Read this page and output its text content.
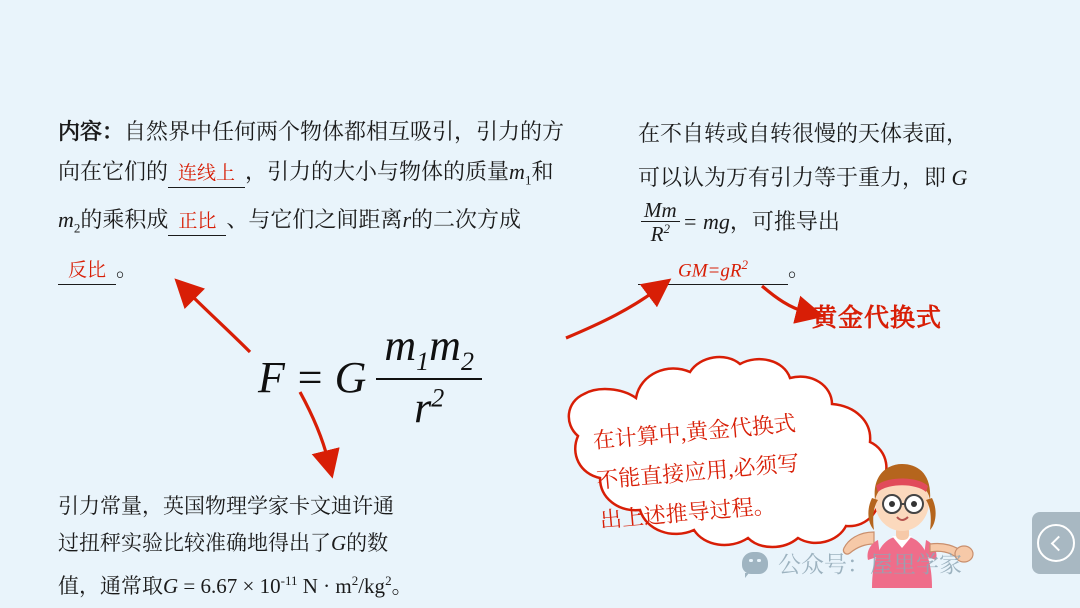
内容：自然界中任何两个物体都相互吸引，引力的方向在它们的 连线上 ，引力的大小与物体的质量$m_1$和$m_2$的乘积成 正比 、与它们之间距离r的二次方成反比 。
在不自转或自转很慢的天体表面，可以认为万有引力等于重力，即 G
$\frac{Mm}{R^2}$ = mg，可推导出 $GM=gR^2$ 。
黄金代换式
F = G $\frac{m_1m_2}{r^2}$
引力常量，英国物理学家卡文迪许通
过扭秤实验比较准确地得出了G的数
值，通常取$G = 6.67 \times 10^{-11}$ $N \cdot m^2/kg^2$。
在计算中,黄金代换式
不能直接应用,必须写
出上述推导过程。
公众号：屋里学家
